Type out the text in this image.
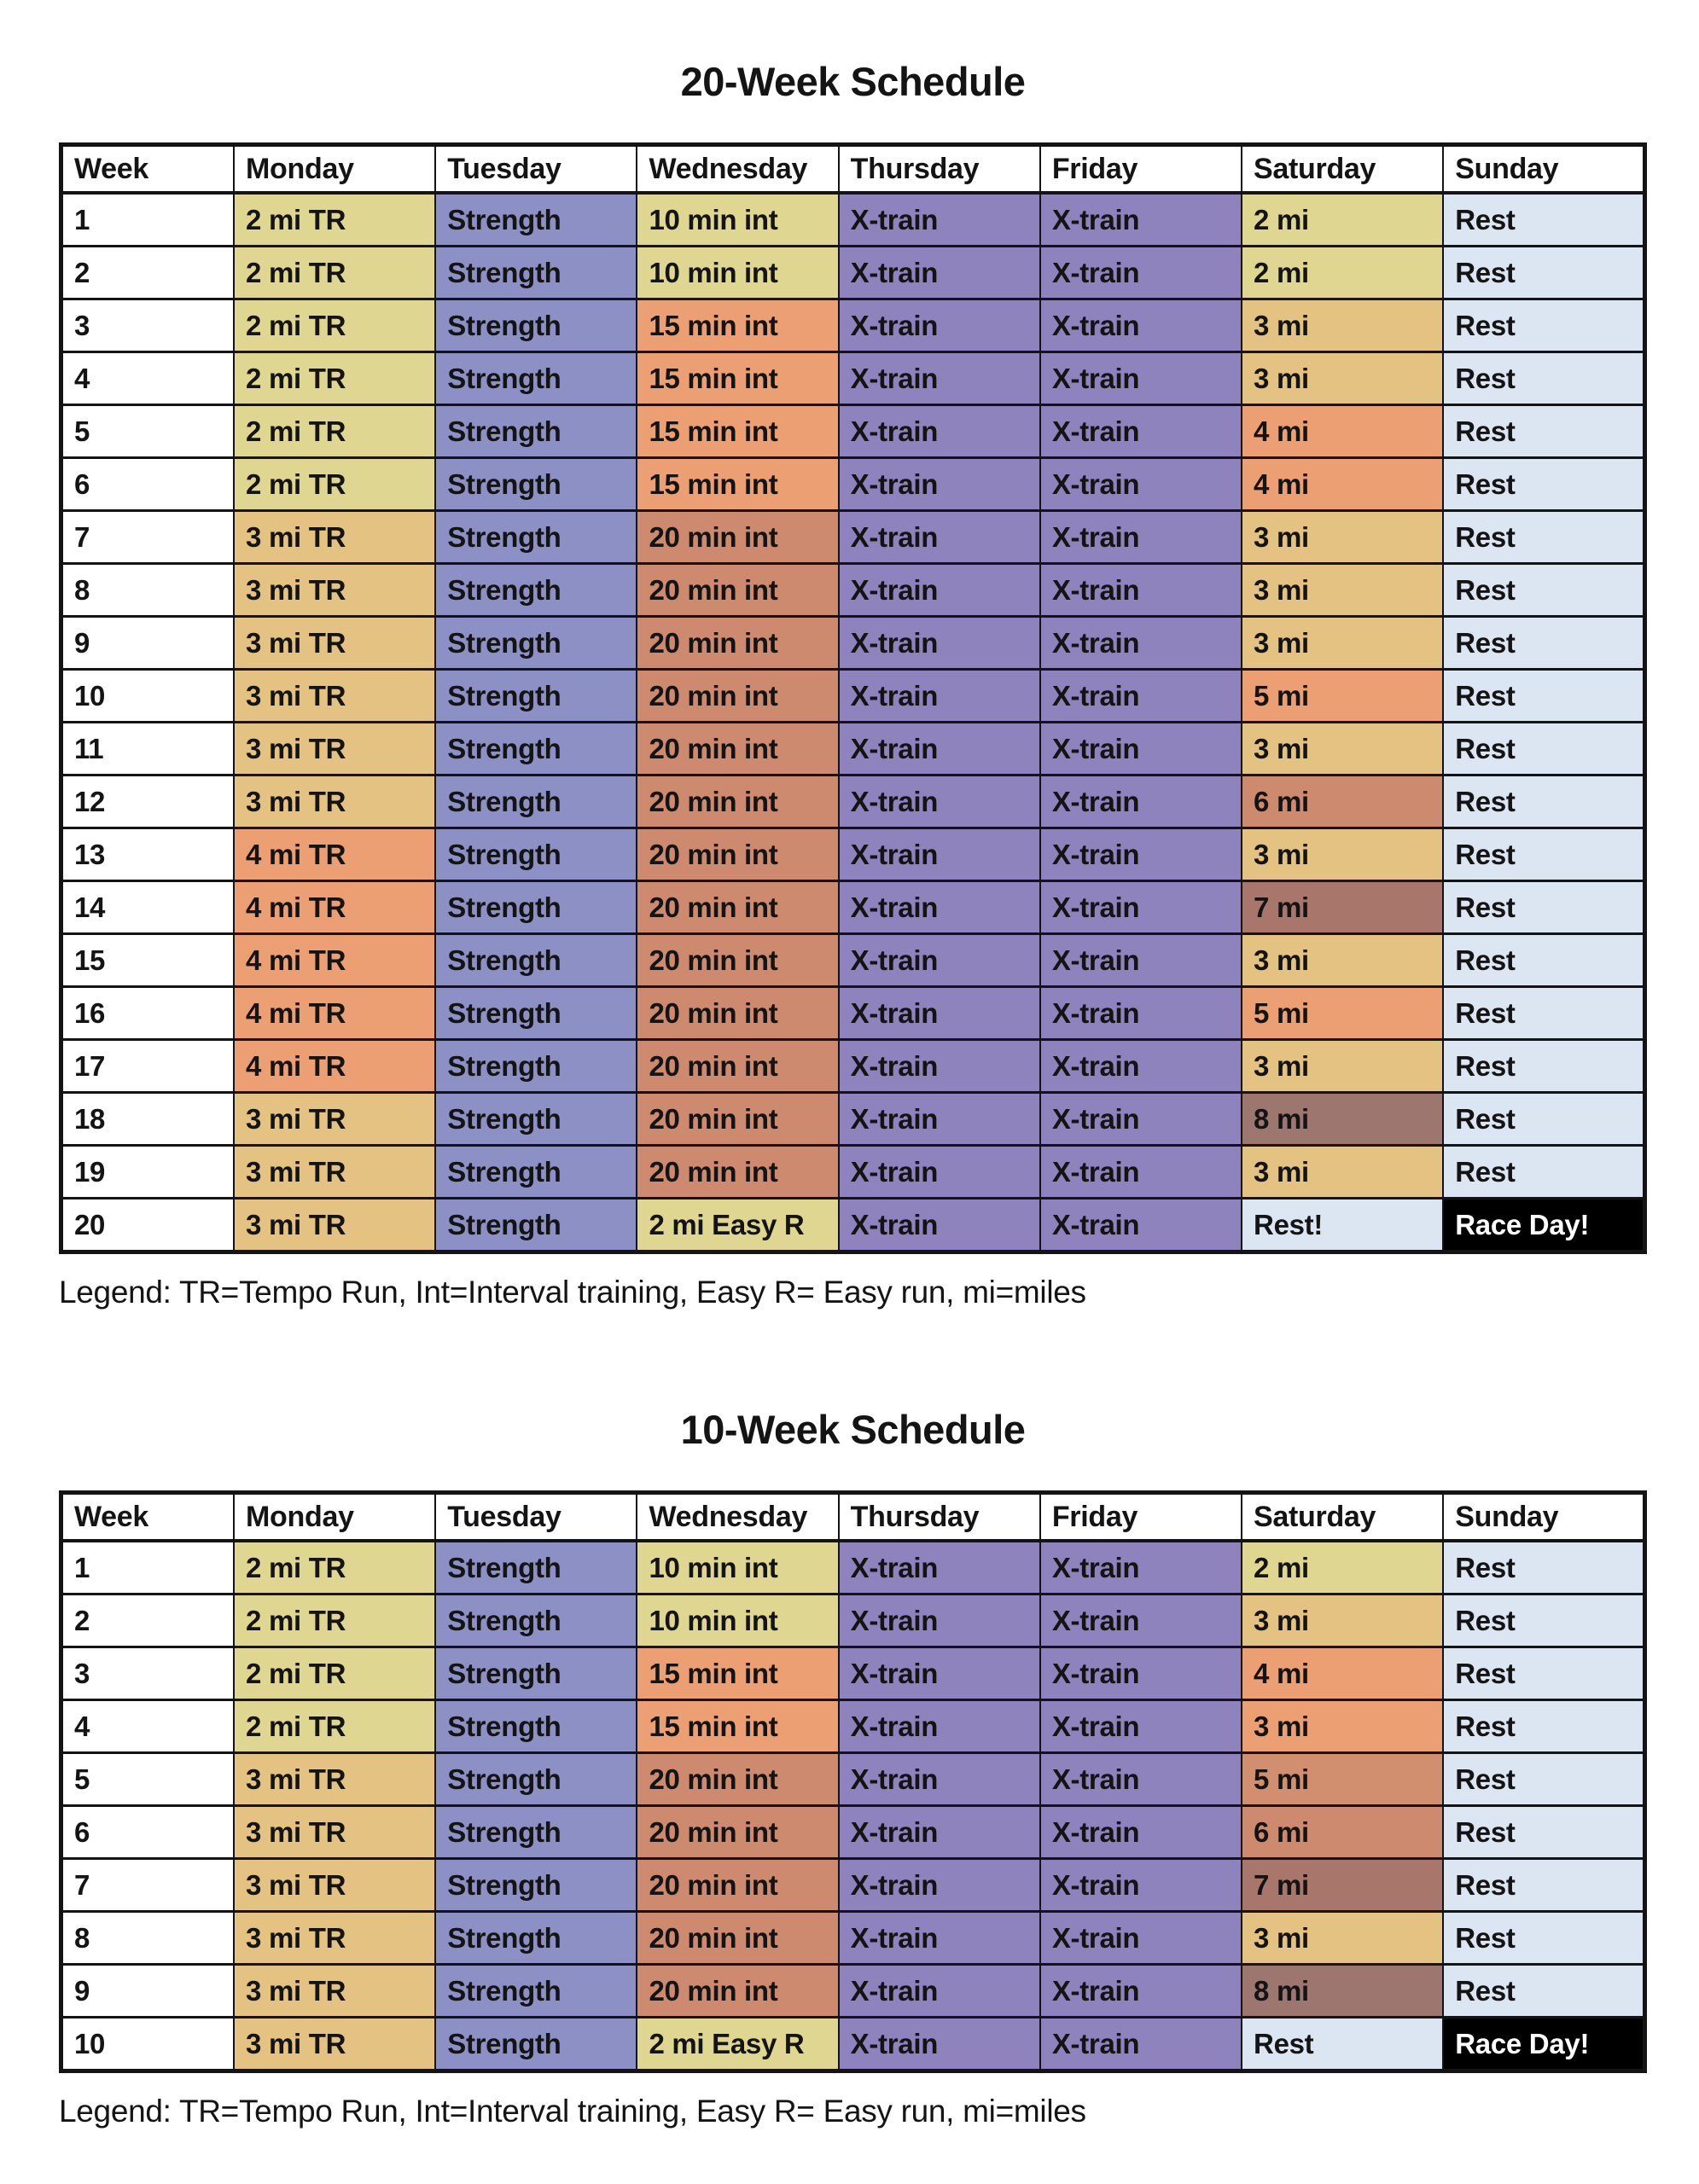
20-Week Schedule
Week	Monday	Tuesday	Wednesday	Thursday	Friday	Saturday	Sunday
1	2 mi TR	Strength	10 min int	X-train	X-train	2 mi	Rest
2	2 mi TR	Strength	10 min int	X-train	X-train	2 mi	Rest
3	2 mi TR	Strength	15 min int	X-train	X-train	3 mi	Rest
4	2 mi TR	Strength	15 min int	X-train	X-train	3 mi	Rest
5	2 mi TR	Strength	15 min int	X-train	X-train	4 mi	Rest
6	2 mi TR	Strength	15 min int	X-train	X-train	4 mi	Rest
7	3 mi TR	Strength	20 min int	X-train	X-train	3 mi	Rest
8	3 mi TR	Strength	20 min int	X-train	X-train	3 mi	Rest
9	3 mi TR	Strength	20 min int	X-train	X-train	3 mi	Rest
10	3 mi TR	Strength	20 min int	X-train	X-train	5 mi	Rest
11	3 mi TR	Strength	20 min int	X-train	X-train	3 mi	Rest
12	3 mi TR	Strength	20 min int	X-train	X-train	6 mi	Rest
13	4 mi TR	Strength	20 min int	X-train	X-train	3 mi	Rest
14	4 mi TR	Strength	20 min int	X-train	X-train	7 mi	Rest
15	4 mi TR	Strength	20 min int	X-train	X-train	3 mi	Rest
16	4 mi TR	Strength	20 min int	X-train	X-train	5 mi	Rest
17	4 mi TR	Strength	20 min int	X-train	X-train	3 mi	Rest
18	3 mi TR	Strength	20 min int	X-train	X-train	8 mi	Rest
19	3 mi TR	Strength	20 min int	X-train	X-train	3 mi	Rest
20	3 mi TR	Strength	2 mi Easy R	X-train	X-train	Rest!	Race Day!

Legend: TR=Tempo Run, Int=Interval training, Easy R= Easy run, mi=miles

10-Week Schedule
Week	Monday	Tuesday	Wednesday	Thursday	Friday	Saturday	Sunday
1	2 mi TR	Strength	10 min int	X-train	X-train	2 mi	Rest
2	2 mi TR	Strength	10 min int	X-train	X-train	3 mi	Rest
3	2 mi TR	Strength	15 min int	X-train	X-train	4 mi	Rest
4	2 mi TR	Strength	15 min int	X-train	X-train	3 mi	Rest
5	3 mi TR	Strength	20 min int	X-train	X-train	5 mi	Rest
6	3 mi TR	Strength	20 min int	X-train	X-train	6 mi	Rest
7	3 mi TR	Strength	20 min int	X-train	X-train	7 mi	Rest
8	3 mi TR	Strength	20 min int	X-train	X-train	3 mi	Rest
9	3 mi TR	Strength	20 min int	X-train	X-train	8 mi	Rest
10	3 mi TR	Strength	2 mi Easy R	X-train	X-train	Rest	Race Day!

Legend: TR=Tempo Run, Int=Interval training, Easy R= Easy run, mi=miles
